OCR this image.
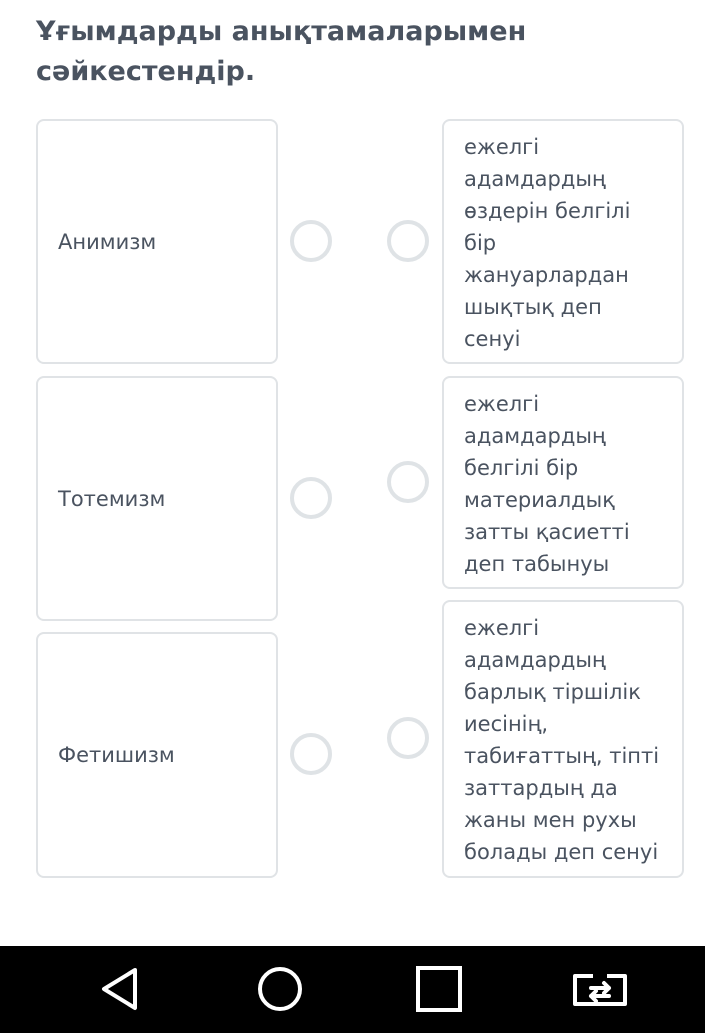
Ұғымдарды анықтамаларымен
сәйкестендір.
Анимизм
Тотемизм
Фетишизм
ежелгі
адамдардың
өздерін белгілі
бір
жануарлардан
шықтық деп
сенуі
ежелгі
адамдардың
белгілі бір
материалдық
затты қасиетті
деп табынуы
ежелгі
адамдардың
барлық тіршілік
иесінің,
табиғаттың, тіпті
заттардың да
жаны мен рухы
болады деп сенуі
